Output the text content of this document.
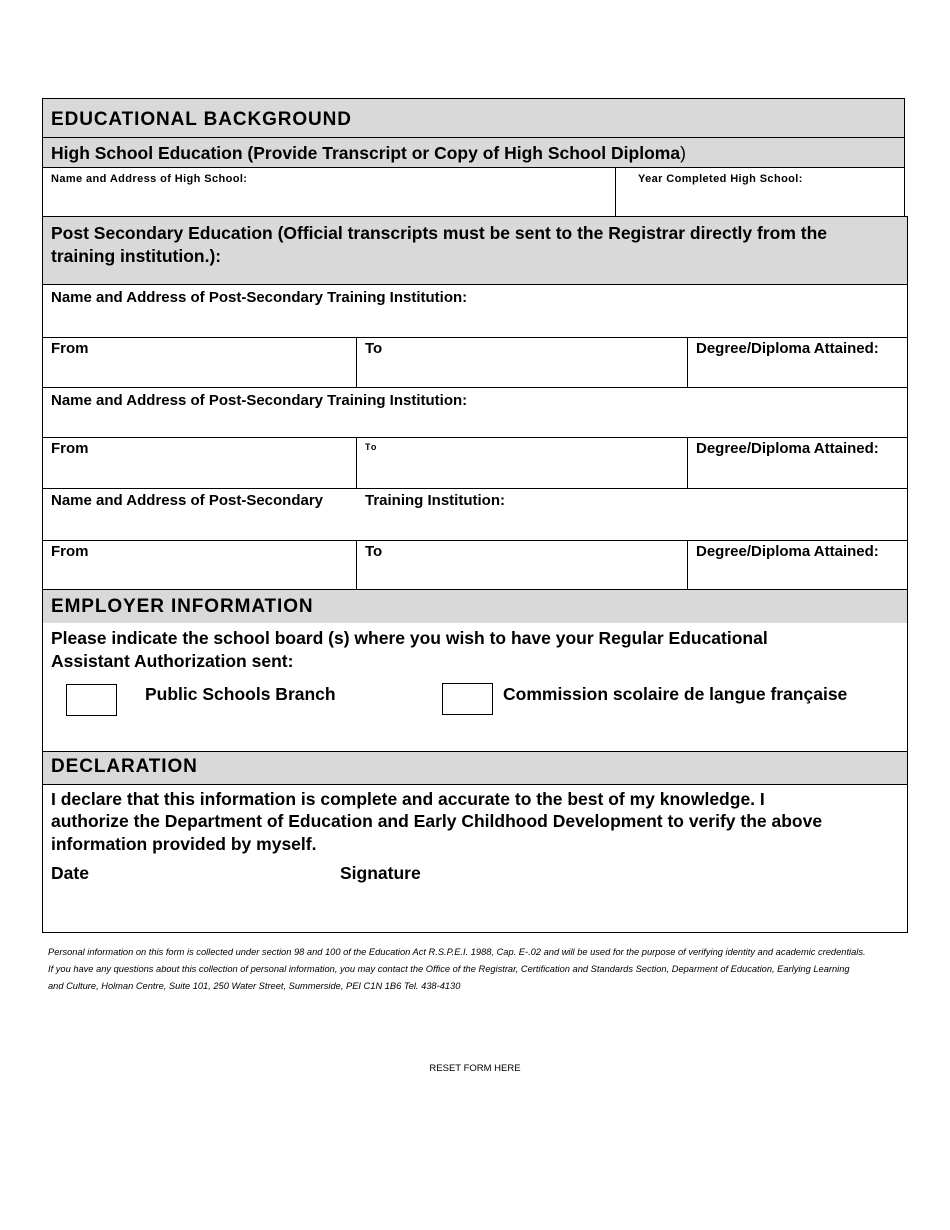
EDUCATIONAL BACKGROUND
High School Education (Provide Transcript or Copy of High School Diploma)
Name and Address of High School:	Year Completed High School:
Post Secondary Education (Official transcripts must be sent to the Registrar directly from the
training institution.):
Name and Address of Post-Secondary Training Institution:
From	To	Degree/Diploma Attained:
Name and Address of Post-Secondary Training Institution:
From	To	Degree/Diploma Attained:
Name and Address of Post-Secondary	Training Institution:
From	To	Degree/Diploma Attained:
EMPLOYER INFORMATION
Please indicate the school board (s) where you wish to have your Regular Educational
Assistant Authorization sent:
Public Schools Branch	Commission scolaire de langue française
DECLARATION
I declare that this information is complete and accurate to the best of my knowledge. I
authorize the Department of Education and Early Childhood Development to verify the above
information provided by myself.
Date	Signature
Personal information on this form is collected under section 98 and 100 of the Education Act R.S.P.E.I. 1988, Cap. E-.02 and will be used for the purpose of verifying identity and academic credentials.
If you have any questions about this collection of personal information, you may contact the Office of the Registrar, Certification and Standards Section, Deparment of Education, Earlying Learning
and Culture, Holman Centre, Suite 101, 250 Water Street, Summerside, PEI C1N 1B6 Tel. 438-4130
RESET FORM HERE
